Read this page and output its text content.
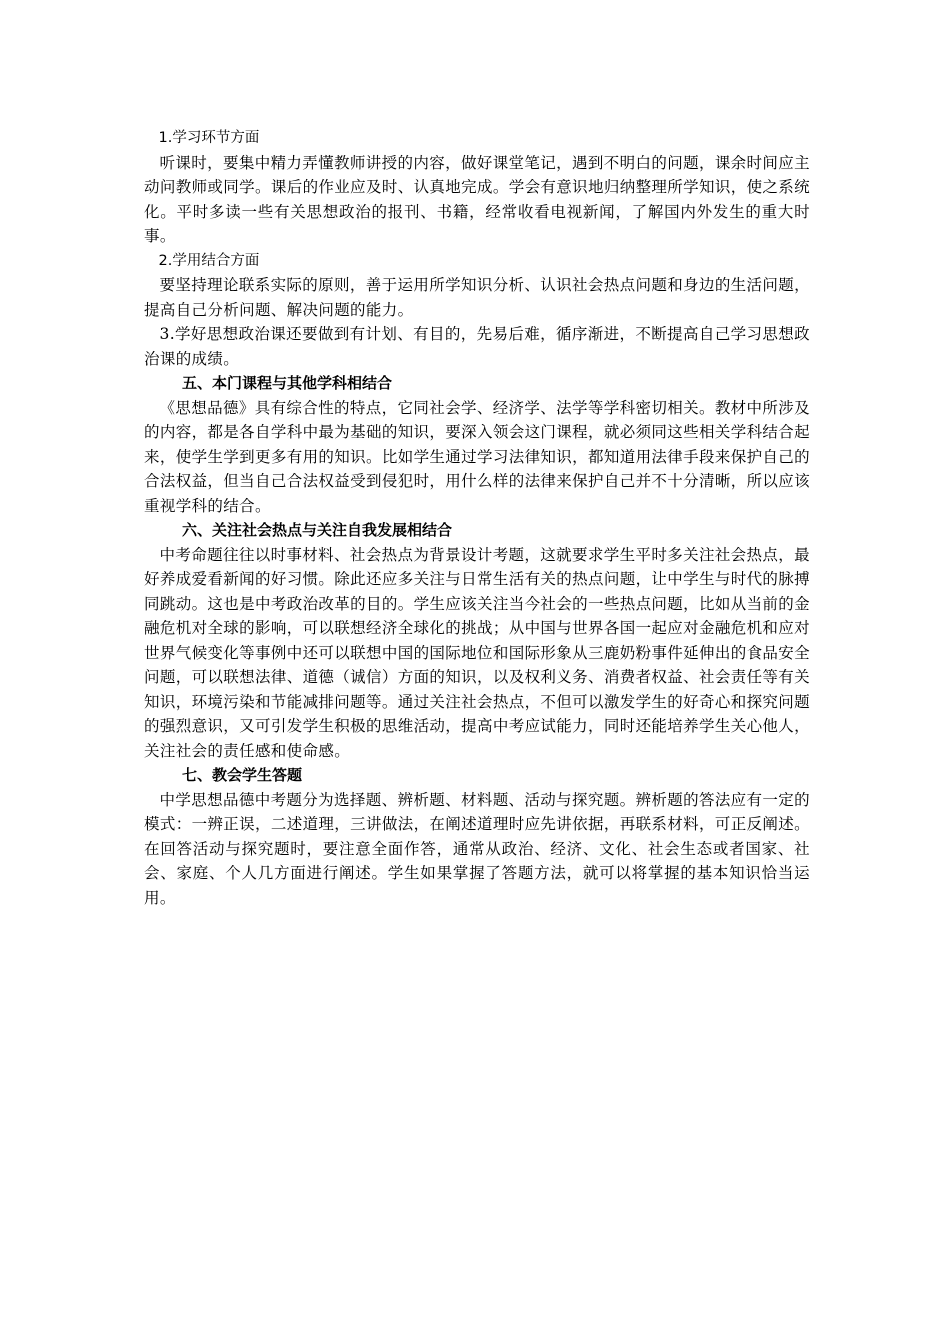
1.学习环节方面

听课时，要集中精力弄懂教师讲授的内容，做好课堂笔记，遇到不明白的问题，课余时间应主动问教师或同学。课后的作业应及时、认真地完成。学会有意识地归纳整理所学知识，使之系统化。平时多读一些有关思想政治的报刊、书籍，经常收看电视新闻，了解国内外发生的重大时事。

2.学用结合方面

要坚持理论联系实际的原则，善于运用所学知识分析、认识社会热点问题和身边的生活问题，提高自己分析问题、解决问题的能力。

3.学好思想政治课还要做到有计划、有目的，先易后难，循序渐进，不断提高自己学习思想政治课的成绩。

五、本门课程与其他学科相结合

《思想品德》具有综合性的特点，它同社会学、经济学、法学等学科密切相关。教材中所涉及的内容，都是各自学科中最为基础的知识，要深入领会这门课程，就必须同这些相关学科结合起来，使学生学到更多有用的知识。比如学生通过学习法律知识，都知道用法律手段来保护自己的合法权益，但当自己合法权益受到侵犯时，用什么样的法律来保护自己并不十分清晰，所以应该重视学科的结合。

六、关注社会热点与关注自我发展相结合

中考命题往往以时事材料、社会热点为背景设计考题，这就要求学生平时多关注社会热点，最好养成爱看新闻的好习惯。除此还应多关注与日常生活有关的热点问题，让中学生与时代的脉搏同跳动。这也是中考政治改革的目的。学生应该关注当今社会的一些热点问题，比如从当前的金融危机对全球的影响，可以联想经济全球化的挑战；从中国与世界各国一起应对金融危机和应对世界气候变化等事例中还可以联想中国的国际地位和国际形象从三鹿奶粉事件延伸出的食品安全问题，可以联想法律、道德（诚信）方面的知识，以及权利义务、消费者权益、社会责任等有关知识，环境污染和节能减排问题等。通过关注社会热点，不但可以激发学生的好奇心和探究问题的强烈意识，又可引发学生积极的思维活动，提高中考应试能力，同时还能培养学生关心他人，关注社会的责任感和使命感。

七、教会学生答题

中学思想品德中考题分为选择题、辨析题、材料题、活动与探究题。辨析题的答法应有一定的模式：一辨正误，二述道理，三讲做法，在阐述道理时应先讲依据，再联系材料，可正反阐述。在回答活动与探究题时，要注意全面作答，通常从政治、经济、文化、社会生态或者国家、社会、家庭、个人几方面进行阐述。学生如果掌握了答题方法，就可以将掌握的基本知识恰当运用。
